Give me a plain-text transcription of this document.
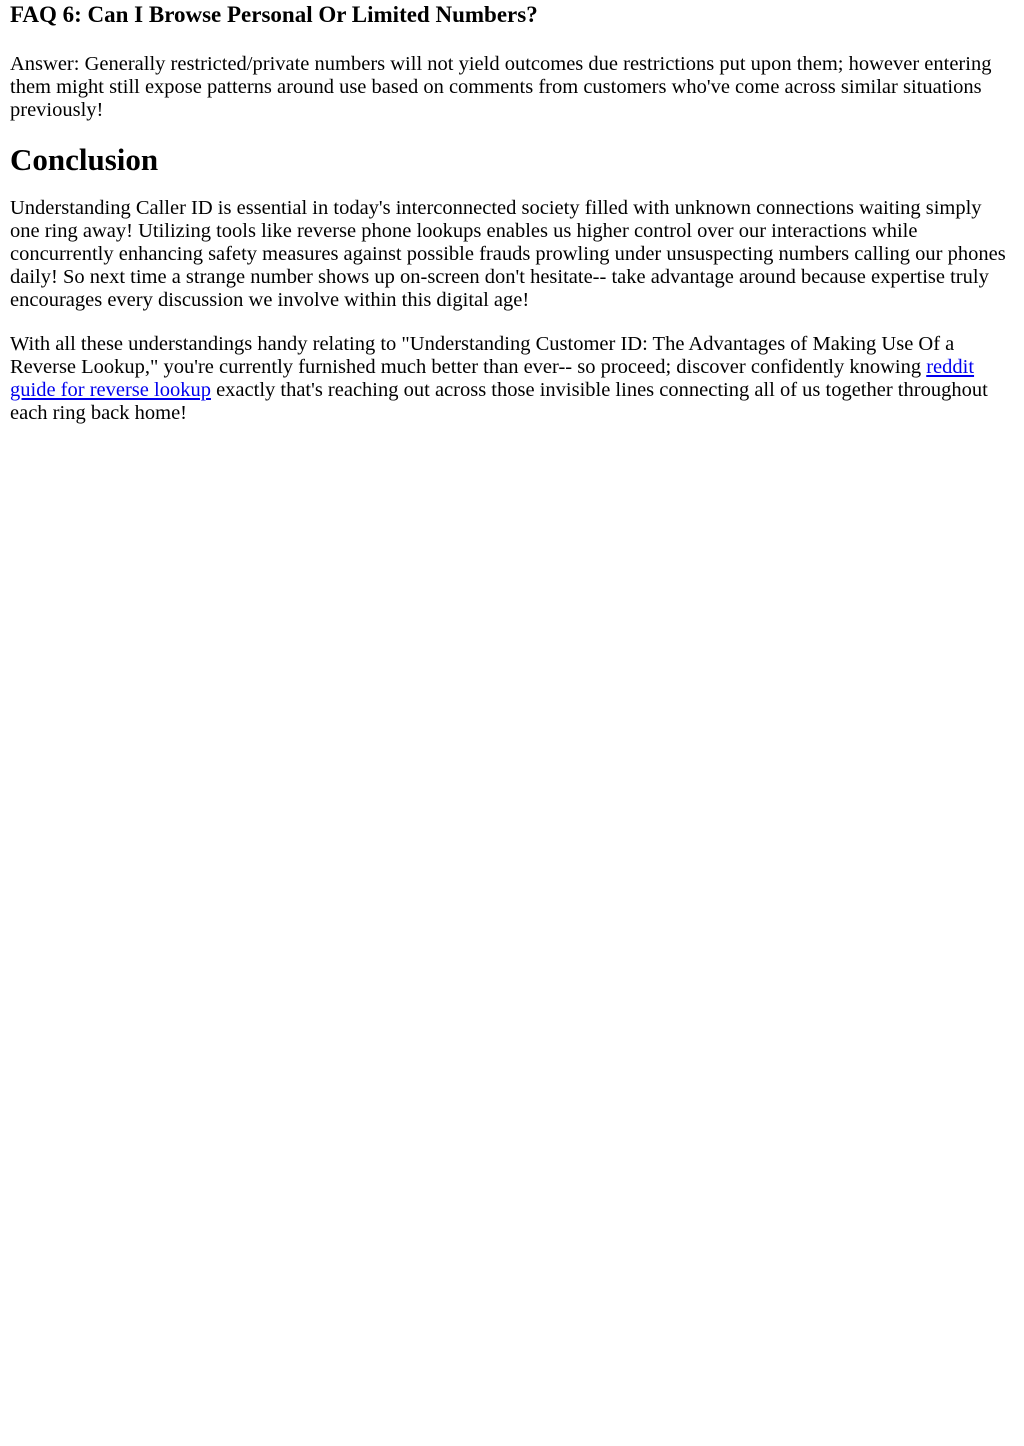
FAQ 6: Can I Browse Personal Or Limited Numbers?

Answer: Generally restricted/private numbers will not yield outcomes due restrictions put upon them; however entering them might still expose patterns around use based on comments from customers who've come across similar situations previously!

Conclusion

Understanding Caller ID is essential in today's interconnected society filled with unknown connections waiting simply one ring away! Utilizing tools like reverse phone lookups enables us higher control over our interactions while concurrently enhancing safety measures against possible frauds prowling under unsuspecting numbers calling our phones daily! So next time a strange number shows up on-screen don't hesitate-- take advantage around because expertise truly encourages every discussion we involve within this digital age!

With all these understandings handy relating to "Understanding Customer ID: The Advantages of Making Use Of a Reverse Lookup," you're currently furnished much better than ever-- so proceed; discover confidently knowing reddit guide for reverse lookup exactly that's reaching out across those invisible lines connecting all of us together throughout each ring back home!
